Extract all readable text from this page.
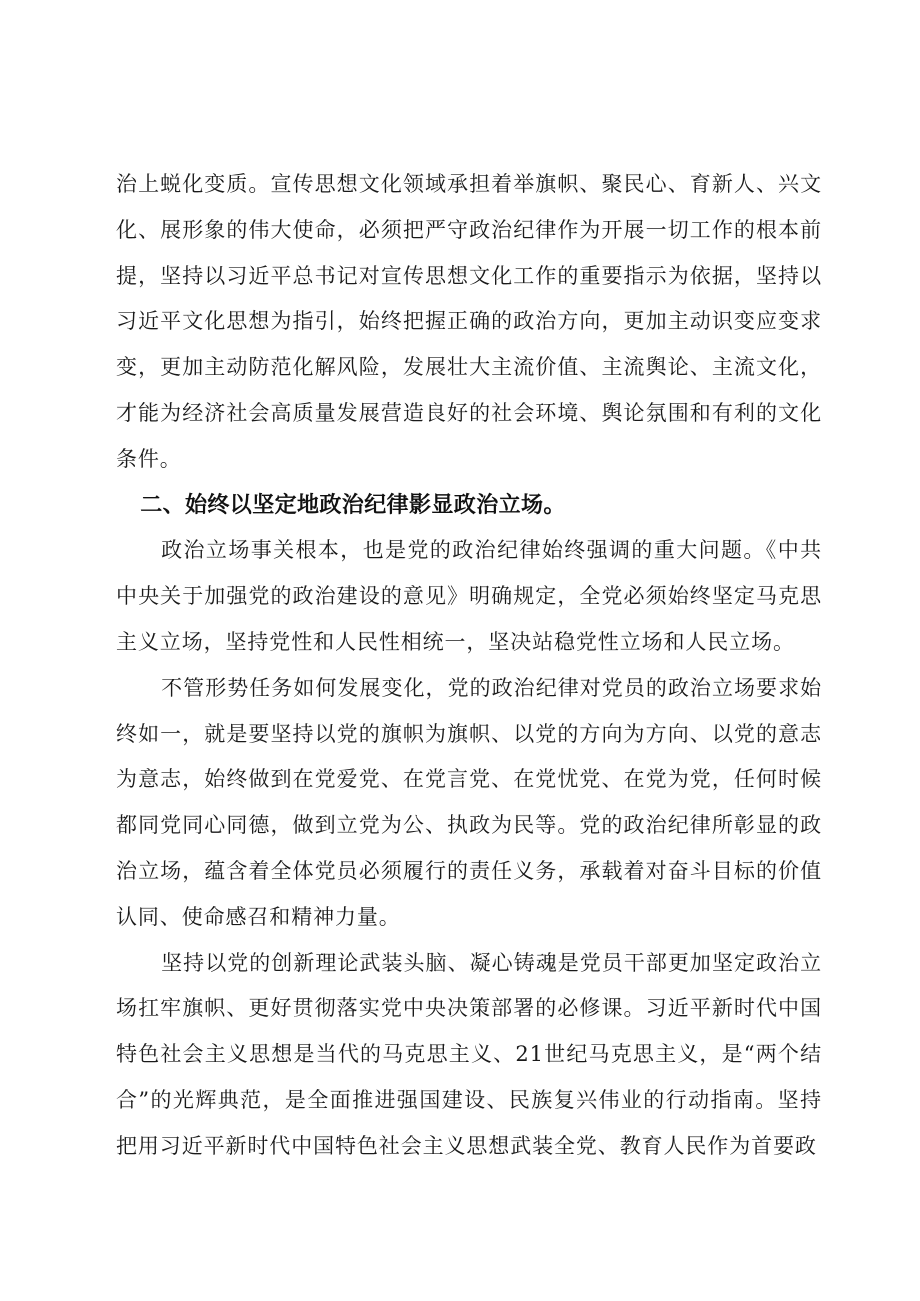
治上蜕化变质。宣传思想文化领域承担着举旗帜、聚民心、育新人、兴文化、展形象的伟大使命，必须把严守政治纪律作为开展一切工作的根本前提，坚持以习近平总书记对宣传思想文化工作的重要指示为依据，坚持以习近平文化思想为指引，始终把握正确的政治方向，更加主动识变应变求变，更加主动防范化解风险，发展壮大主流价值、主流舆论、主流文化，才能为经济社会高质量发展营造良好的社会环境、舆论氛围和有利的文化条件。

二、始终以坚定地政治纪律影显政治立场。

政治立场事关根本，也是党的政治纪律始终强调的重大问题。《中共中央关于加强党的政治建设的意见》明确规定，全党必须始终坚定马克思主义立场，坚持党性和人民性相统一，坚决站稳党性立场和人民立场。

不管形势任务如何发展变化，党的政治纪律对党员的政治立场要求始终如一，就是要坚持以党的旗帜为旗帜、以党的方向为方向、以党的意志为意志，始终做到在党爱党、在党言党、在党忧党、在党为党，任何时候都同党同心同德，做到立党为公、执政为民等。党的政治纪律所彰显的政治立场，蕴含着全体党员必须履行的责任义务，承载着对奋斗目标的价值认同、使命感召和精神力量。

坚持以党的创新理论武装头脑、凝心铸魂是党员干部更加坚定政治立场扛牢旗帜、更好贯彻落实党中央决策部署的必修课。习近平新时代中国特色社会主义思想是当代的马克思主义、21世纪马克思主义，是“两个结合”的光辉典范，是全面推进强国建设、民族复兴伟业的行动指南。坚持把用习近平新时代中国特色社会主义思想武装全党、教育人民作为首要政
